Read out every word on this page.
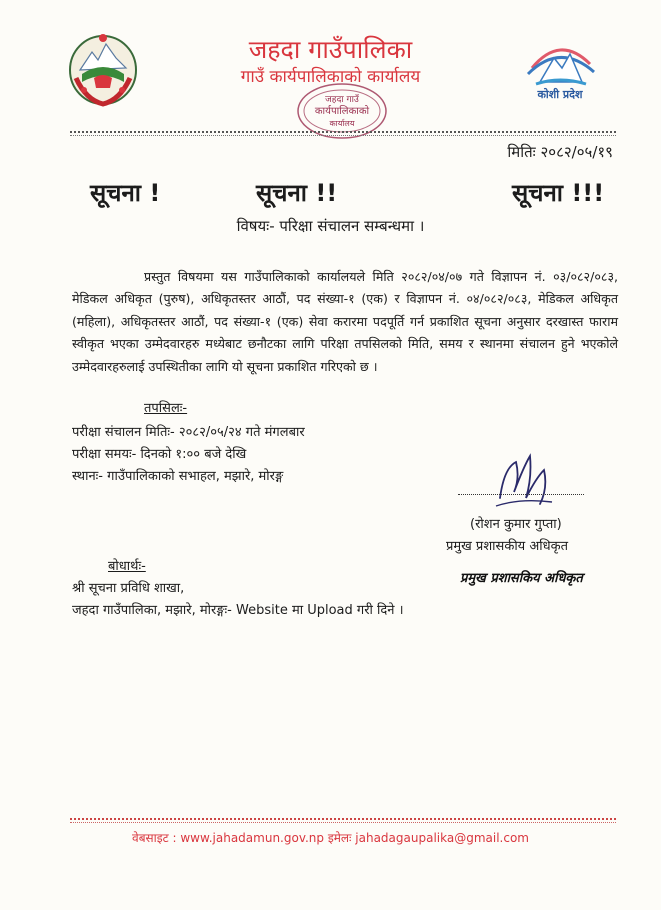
जहदा गाउँपालिका
गाउँ कार्यपालिकाको कार्यालय
जहदा गाउँ
कार्यपालिकाको
कार्यालय
कोशी प्रदेश
मितिः २०८२/०५/१९
सूचना !	सूचना !!	सूचना !!!
विषयः- परिक्षा संचालन सम्बन्धमा ।
प्रस्तुत विषयमा यस गाउँपालिकाको कार्यालयले मिति २०८२/०४/०७ गते विज्ञापन नं. ०३/०८२/०८३, मेडिकल अधिकृत (पुरुष), अधिकृतस्तर आठौं, पद संख्या-१ (एक) र विज्ञापन नं. ०४/०८२/०८३, मेडिकल अधिकृत (महिला), अधिकृतस्तर आठौं, पद संख्या-१ (एक) सेवा करारमा पदपूर्ति गर्न प्रकाशित सूचना अनुसार दरखास्त फाराम स्वीकृत भएका उम्मेदवारहरु मध्येबाट छनौटका लागि परिक्षा तपसिलको मिति, समय र स्थानमा संचालन हुने भएकोले उम्मेदवारहरुलाई उपस्थितीका लागि यो सूचना प्रकाशित गरिएको छ ।
तपसिलः-
परीक्षा संचालन मितिः- २०८२/०५/२४ गते मंगलबार
परीक्षा समयः- दिनको १:०० बजे देखि
स्थानः- गाउँपालिकाको सभाहल, मझारे, मोरङ्ग
(रोशन कुमार गुप्ता)
प्रमुख प्रशासकीय अधिकृत
प्रमुख प्रशासकिय अधिकृत
बोधार्थः-
श्री सूचना प्रविधि शाखा,
जहदा गाउँपालिका, मझारे, मोरङ्गः- Website मा Upload गरी दिने ।
वेबसाइट : www.jahadamun.gov.np इमेलः jahadagaupalika@gmail.com
